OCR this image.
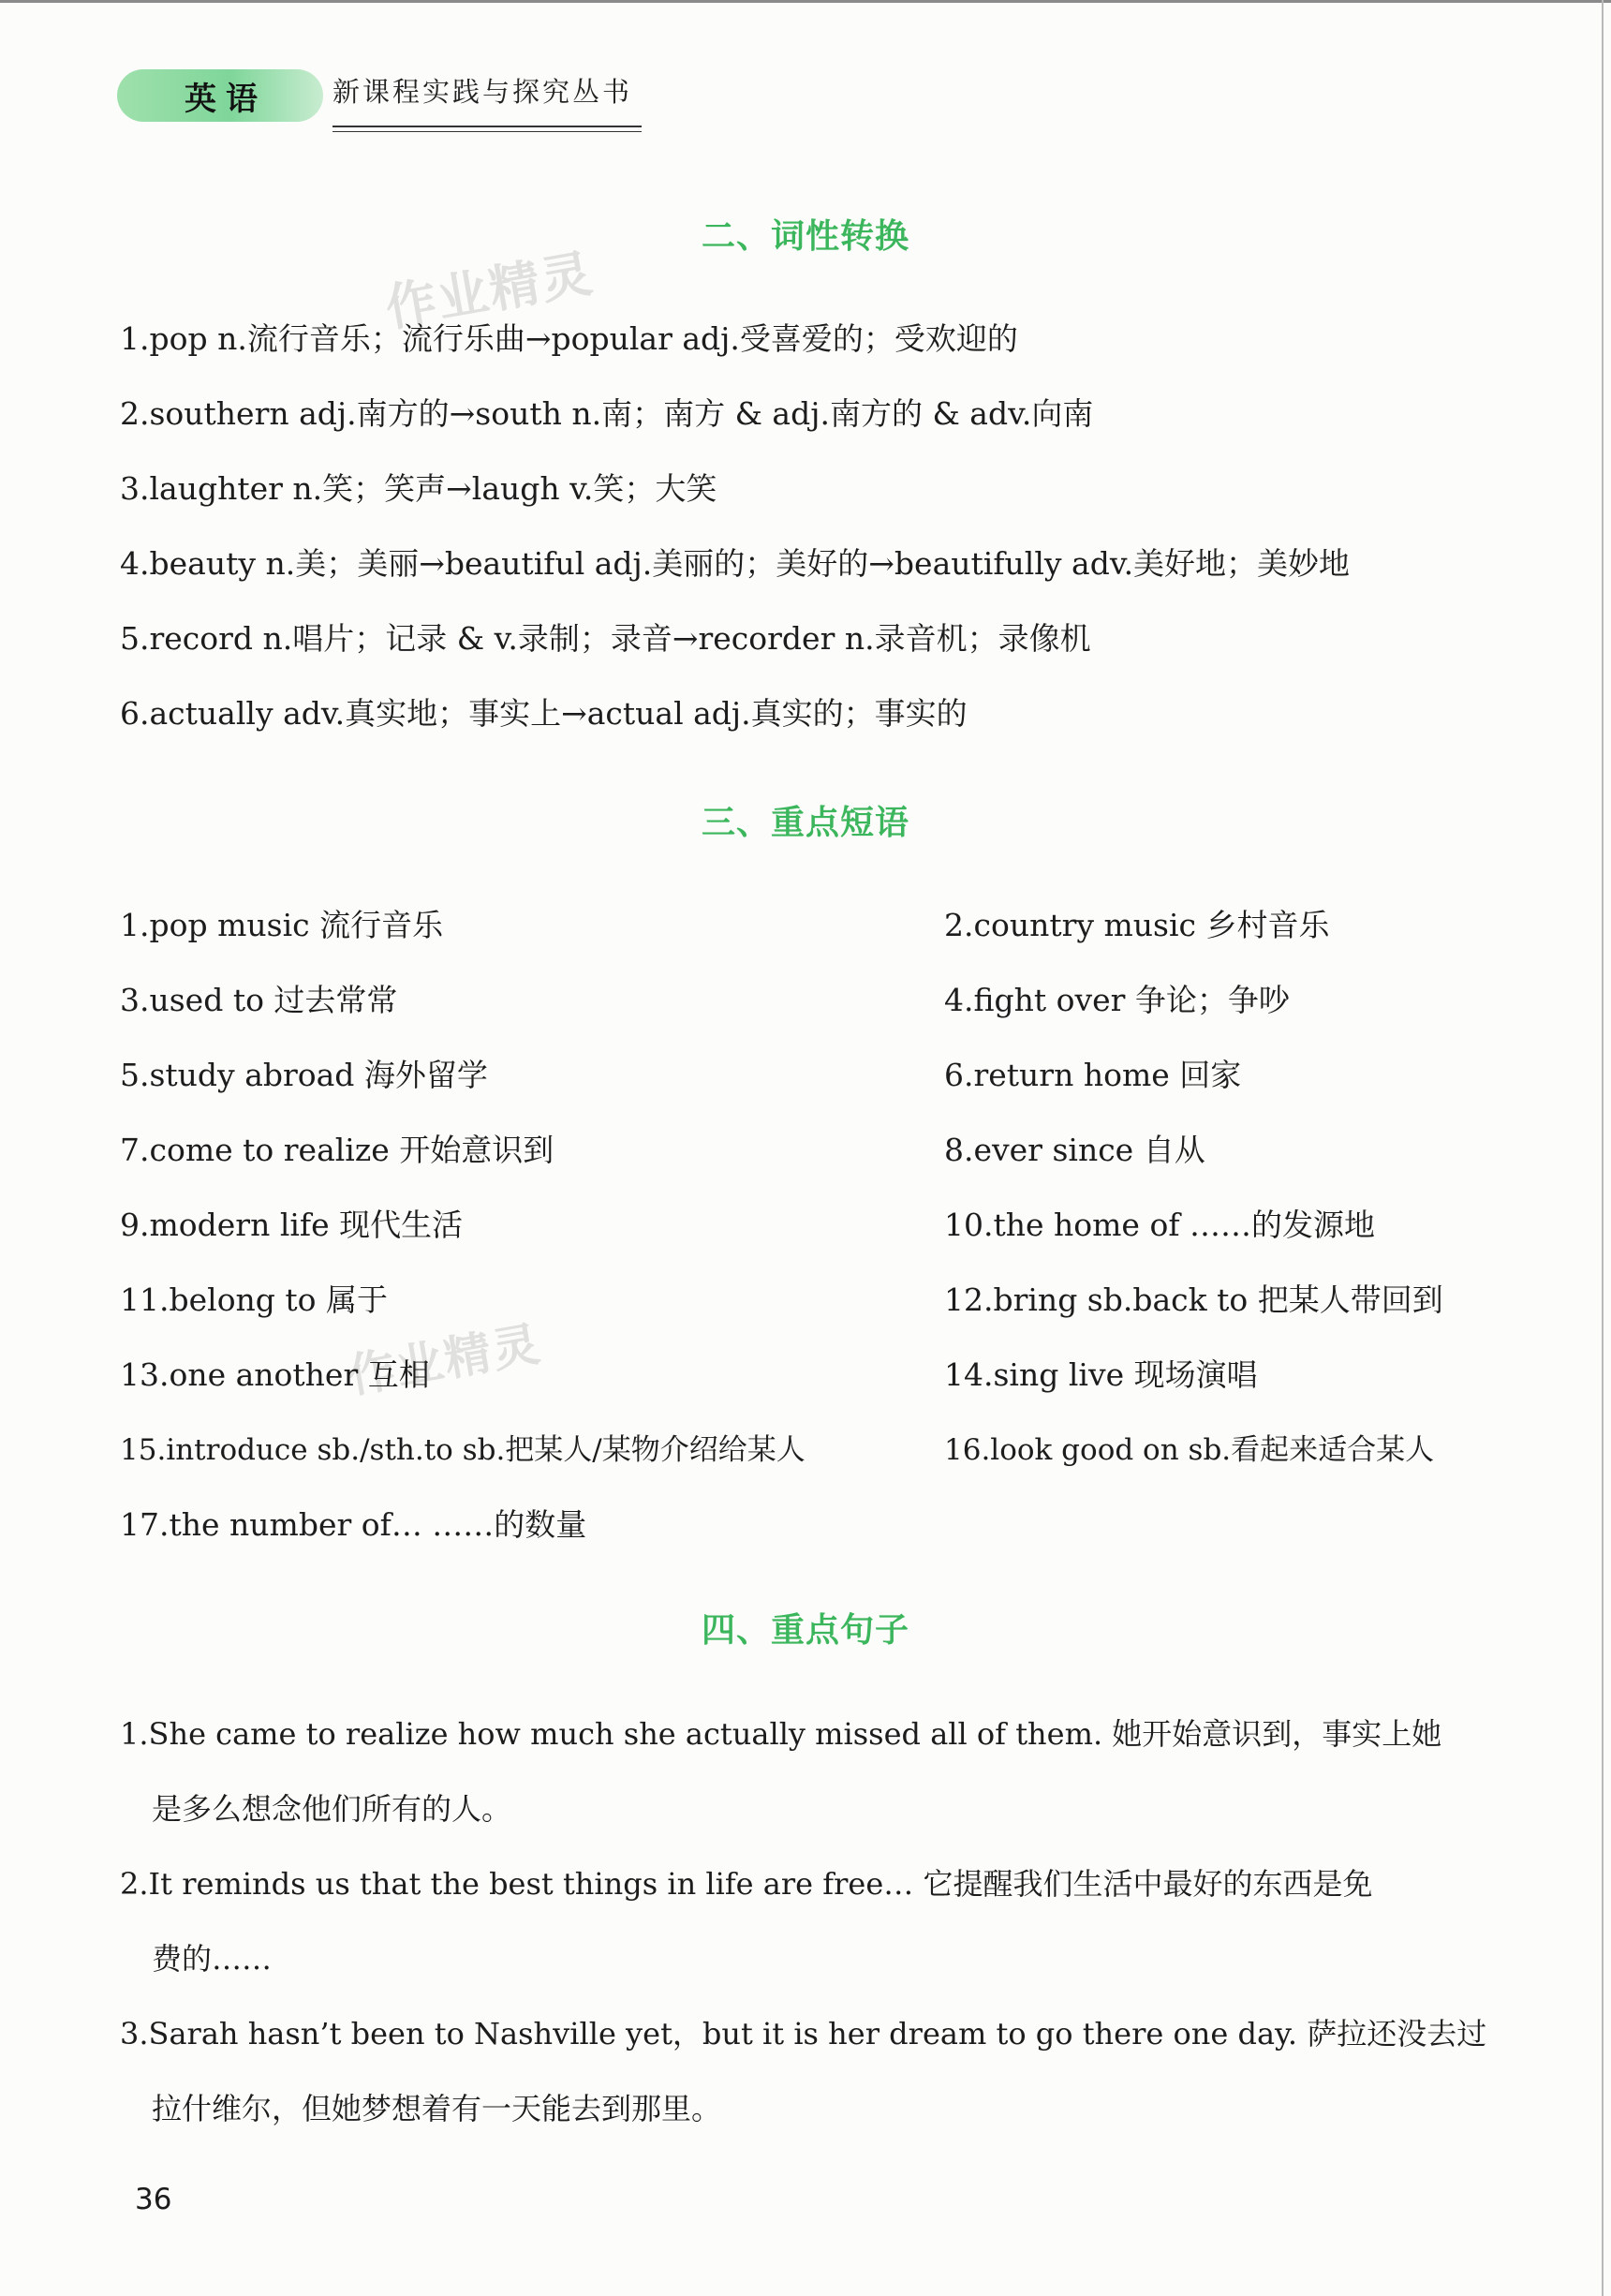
英语 新课程实践与探究丛书
作业精灵
作业精灵
二、词性转换
1.pop n.流行音乐；流行乐曲→popular adj.受喜爱的；受欢迎的
2.southern adj.南方的→south n.南；南方 & adj.南方的 & adv.向南
3.laughter n.笑；笑声→laugh v.笑；大笑
4.beauty n.美；美丽→beautiful adj.美丽的；美好的→beautifully adv.美好地；美妙地
5.record n.唱片；记录 & v.录制；录音→recorder n.录音机；录像机
6.actually adv.真实地；事实上→actual adj.真实的；事实的
三、重点短语
1.pop music 流行音乐	2.country music 乡村音乐
3.used to 过去常常	4.fight over 争论；争吵
5.study abroad 海外留学	6.return home 回家
7.come to realize 开始意识到	8.ever since 自从
9.modern life 现代生活	10.the home of ……的发源地
11.belong to 属于	12.bring sb.back to 把某人带回到
13.one another 互相	14.sing live 现场演唱
15.introduce sb./sth.to sb.把某人/某物介绍给某人	16.look good on sb.看起来适合某人
17.the number of… ……的数量
四、重点句子
1.She came to realize how much she actually missed all of them. 她开始意识到，事实上她
是多么想念他们所有的人。
2.It reminds us that the best things in life are free… 它提醒我们生活中最好的东西是免
费的……
3.Sarah hasn’t been to Nashville yet，but it is her dream to go there one day. 萨拉还没去过
拉什维尔，但她梦想着有一天能去到那里。
36
